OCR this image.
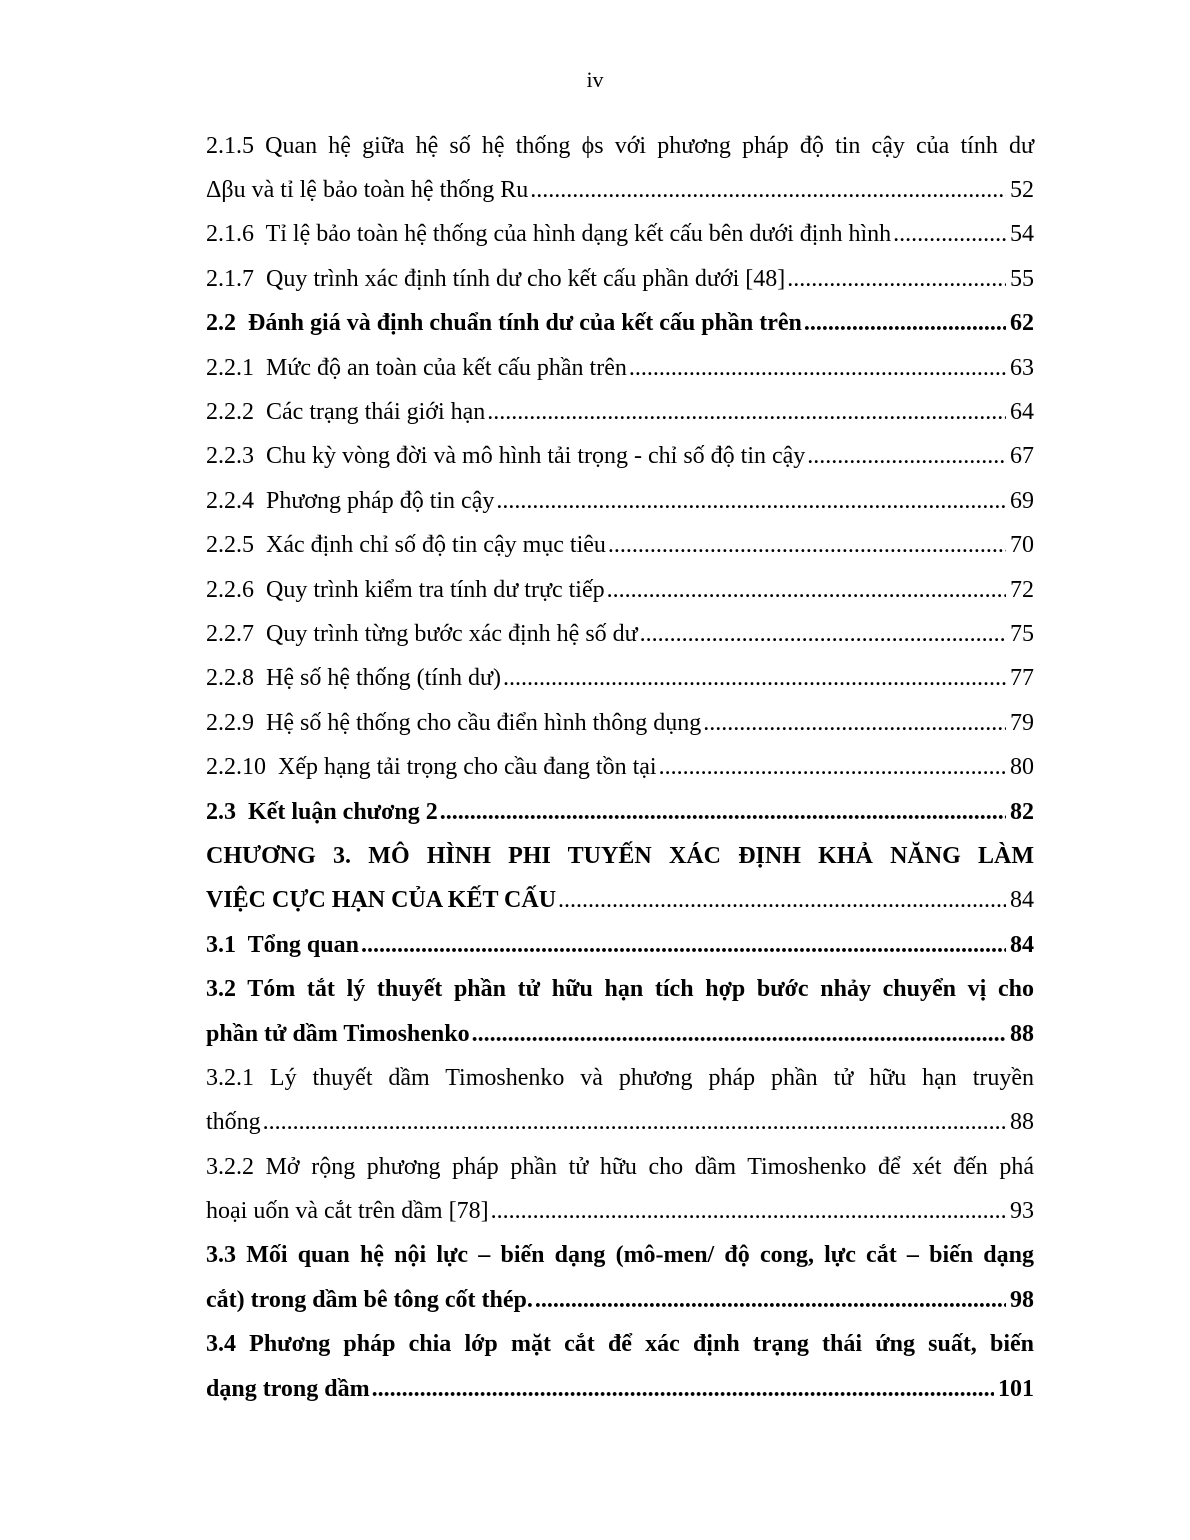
iv
2.1.5 Quan hệ giữa hệ số hệ thống ϕs với phương pháp độ tin cậy của tính dư
Δβu và tỉ lệ bảo toàn hệ thống Ru .....	52
2.1.6  Tỉ lệ bảo toàn hệ thống của hình dạng kết cấu bên dưới định hình .....	54
2.1.7  Quy trình xác định tính dư cho kết cấu phần dưới [48] .....	55
2.2  Đánh giá và định chuẩn tính dư của kết cấu phần trên .....	62
2.2.1  Mức độ an toàn của kết cấu phần trên .....	63
2.2.2  Các trạng thái giới hạn .....	64
2.2.3  Chu kỳ vòng đời và mô hình tải trọng - chỉ số độ tin cậy .....	67
2.2.4  Phương pháp độ tin cậy .....	69
2.2.5  Xác định chỉ số độ tin cậy mục tiêu .....	70
2.2.6  Quy trình kiểm tra tính dư trực tiếp .....	72
2.2.7  Quy trình từng bước xác định hệ số dư .....	75
2.2.8  Hệ số hệ thống (tính dư) .....	77
2.2.9  Hệ số hệ thống cho cầu điển hình thông dụng .....	79
2.2.10  Xếp hạng tải trọng cho cầu đang tồn tại .....	80
2.3  Kết luận chương 2 .....	82
CHƯƠNG 3. MÔ HÌNH PHI TUYẾN XÁC ĐỊNH KHẢ NĂNG LÀM
VIỆC CỰC HẠN CỦA KẾT CẤU .....	84
3.1  Tổng quan .....	84
3.2 Tóm tắt lý thuyết phần tử hữu hạn tích hợp bước nhảy chuyển vị cho
phần tử dầm Timoshenko .....	88
3.2.1 Lý thuyết dầm Timoshenko và phương pháp phần tử hữu hạn truyền
thống .....	88
3.2.2 Mở rộng phương pháp phần tử hữu cho dầm Timoshenko để xét đến phá
hoại uốn và cắt trên dầm [78] .....	93
3.3 Mối quan hệ nội lực – biến dạng (mô-men/ độ cong, lực cắt – biến dạng
cắt) trong dầm bê tông cốt thép. .....	98
3.4 Phương pháp chia lớp mặt cắt để xác định trạng thái ứng suất, biến
dạng trong dầm .....	101
